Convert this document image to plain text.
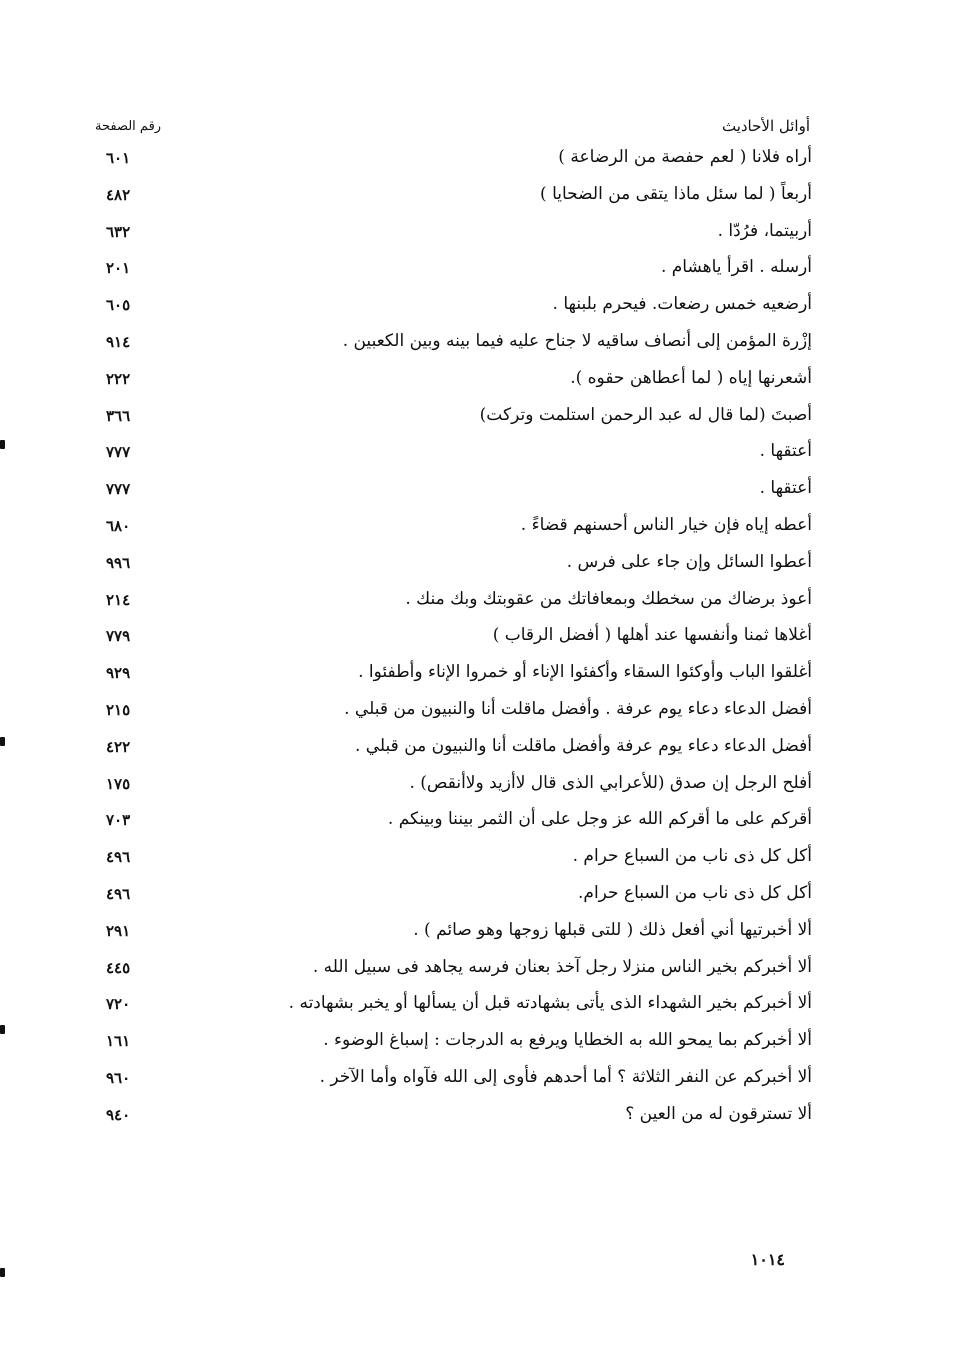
أوائل الأحاديث
رقم الصفحة
أراه فلانا ( لعم حفصة من الرضاعة )
٦٠١
أربعاً ( لما سئل ماذا يتقى من الضحايا )
٤٨٢
أربيتما، فرُدّا .
٦٣٢
أرسله . اقرأ ياهشام .
٢٠١
أرضعيه خمس رضعات. فيحرم بلبنها .
٦٠٥
إزْرة المؤمن إلى أنصاف ساقيه لا جناح عليه فيما بينه وبين الكعبين .
٩١٤
أشعرنها إياه ( لما أعطاهن حقوه ).
٢٢٢
أصبتَ (لما قال له عبد الرحمن استلمت وتركت)
٣٦٦
أعتقها .
٧٧٧
أعتقها .
٧٧٧
أعطه إياه فإن خيار الناس أحسنهم قضاءً .
٦٨٠
أعطوا السائل وإن جاء على فرس .
٩٩٦
أعوذ برضاك من سخطك وبمعافاتك من عقوبتك وبك منك .
٢١٤
أغلاها ثمنا وأنفسها عند أهلها ( أفضل الرقاب )
٧٧٩
أغلقوا الباب وأوكئوا السقاء وأكفئوا الإناء أو خمروا الإناء وأطفئوا .
٩٢٩
أفضل الدعاء دعاء يوم عرفة . وأفضل ماقلت أنا والنبيون من قبلي .
٢١٥
أفضل الدعاء دعاء يوم عرفة وأفضل ماقلت أنا والنبيون من قبلي .
٤٢٢
أفلح الرجل إن صدق (للأعرابي الذى قال لاأزيد ولاأنقص) .
١٧٥
أقركم على ما أقركم الله عز وجل على أن الثمر بيننا وبينكم .
٧٠٣
أكل كل ذى ناب من السباع حرام .
٤٩٦
أكل كل ذى ناب من السباع حرام.
٤٩٦
ألا أخبرتيها أني أفعل ذلك ( للتى قبلها زوجها وهو صائم ) .
٢٩١
ألا أخبركم بخير الناس منزلا رجل آخذ بعنان فرسه يجاهد فى سبيل الله .
٤٤٥
ألا أخبركم بخير الشهداء الذى يأتى بشهادته قبل أن يسألها أو يخبر بشهادته .
٧٢٠
ألا أخبركم بما يمحو الله به الخطايا ويرفع به الدرجات : إسباغ الوضوء .
١٦١
ألا أخبركم عن النفر الثلاثة ؟ أما أحدهم فأوى إلى الله فآواه وأما الآخر .
٩٦٠
ألا تسترقون له من العين ؟
٩٤٠
١٠١٤
